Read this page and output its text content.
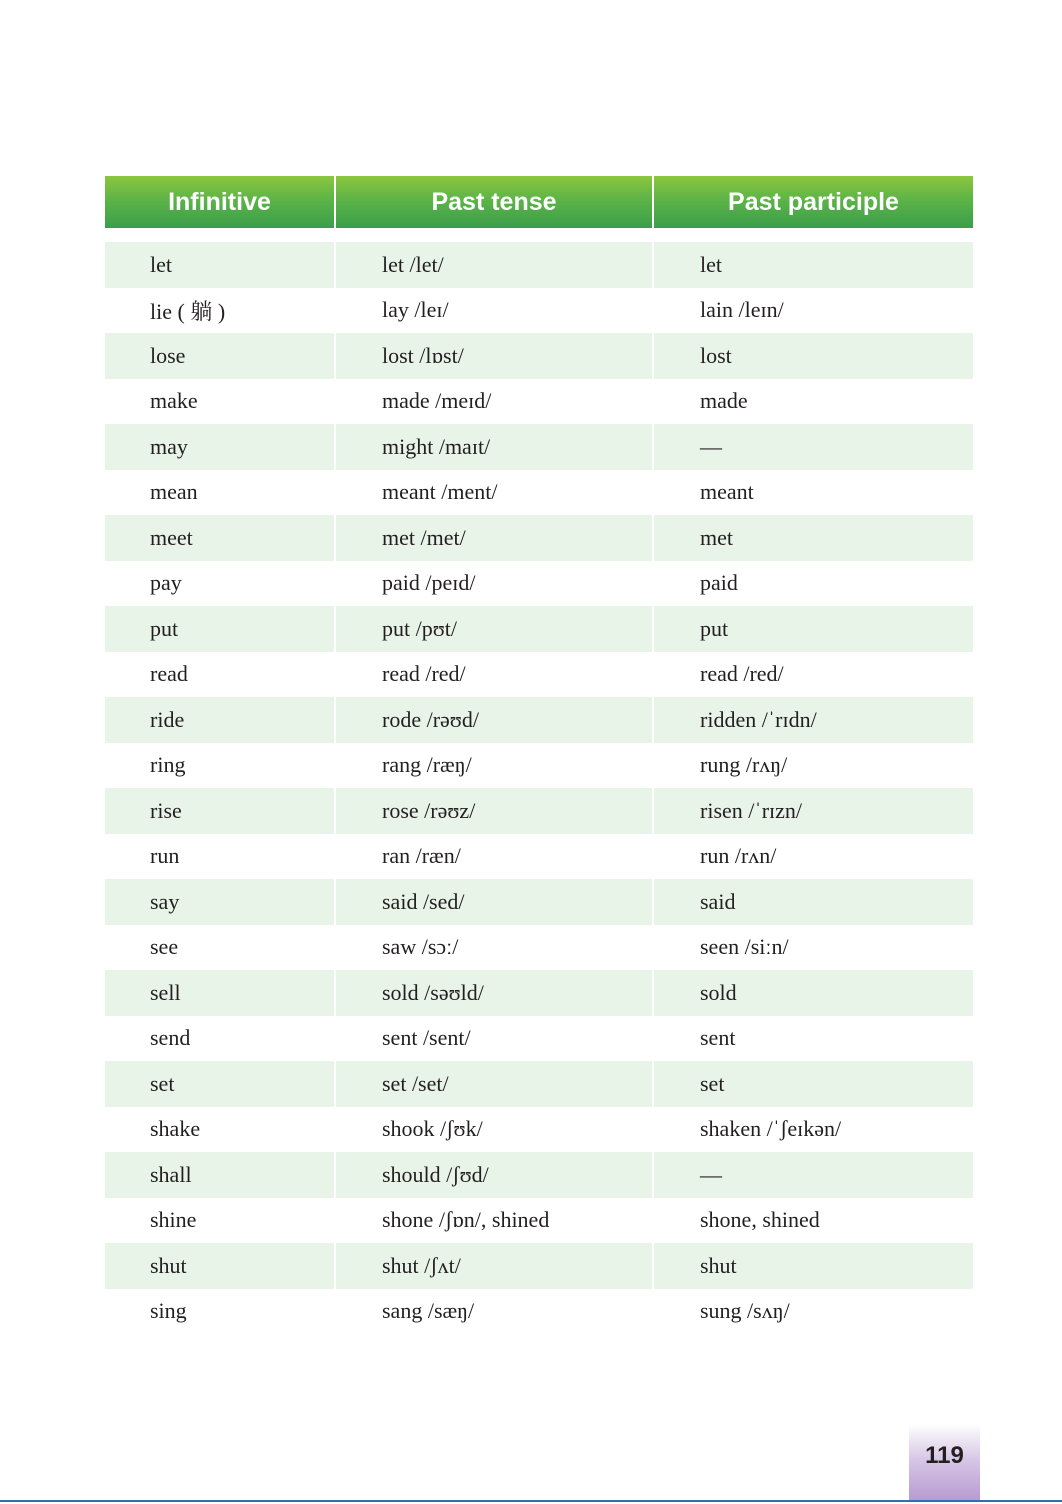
Infinitive	Past tense	Past participle
let	let /let/	let
lie ( 躺 )	lay /leɪ/	lain /leɪn/
lose	lost /lɒst/	lost
make	made /meɪd/	made
may	might /maɪt/	—
mean	meant /ment/	meant
meet	met /met/	met
pay	paid /peɪd/	paid
put	put /pʊt/	put
read	read /red/	read /red/
ride	rode /rəʊd/	ridden /ˈrɪdn/
ring	rang /ræŋ/	rung /rʌŋ/
rise	rose /rəʊz/	risen /ˈrɪzn/
run	ran /ræn/	run /rʌn/
say	said /sed/	said
see	saw /sɔː/	seen /siːn/
sell	sold /səʊld/	sold
send	sent /sent/	sent
set	set /set/	set
shake	shook /ʃʊk/	shaken /ˈʃeɪkən/
shall	should /ʃʊd/	—
shine	shone /ʃɒn/, shined	shone, shined
shut	shut /ʃʌt/	shut
sing	sang /sæŋ/	sung /sʌŋ/
119
